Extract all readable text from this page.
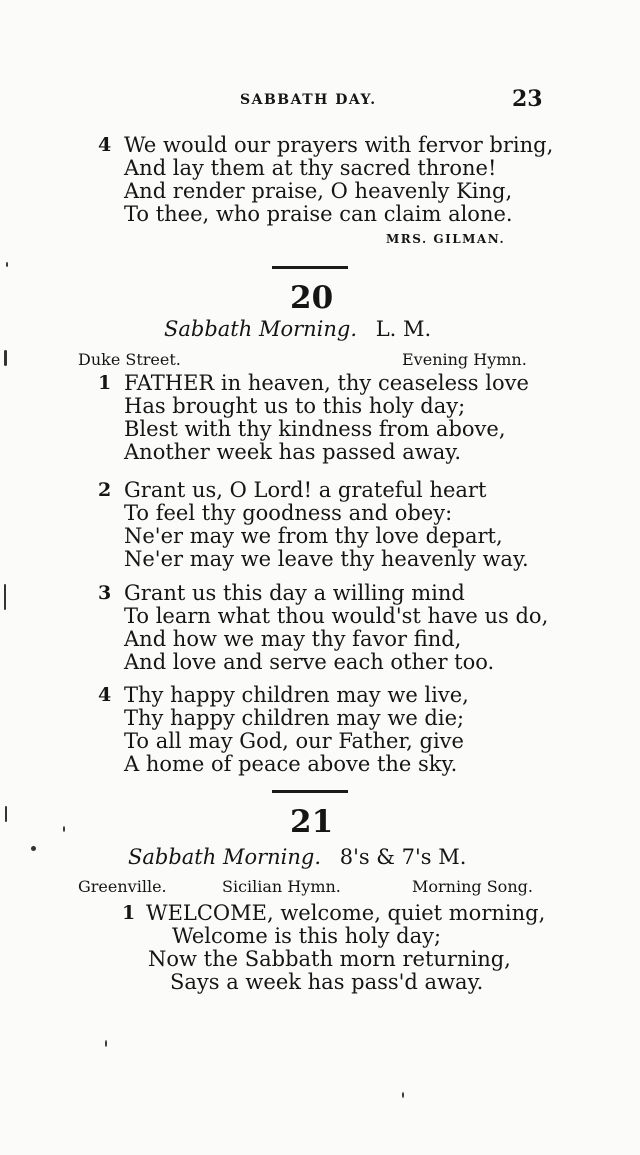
SABBATH DAY.	23
4 We would our prayers with fervor bring,
And lay them at thy sacred throne!
And render praise, O heavenly King,
To thee, who praise can claim alone.
MRS. GILMAN.
20
Sabbath Morning. L. M.
Duke Street.	Evening Hymn.
1 FATHER in heaven, thy ceaseless love
Has brought us to this holy day;
Blest with thy kindness from above,
Another week has passed away.
2 Grant us, O Lord! a grateful heart
To feel thy goodness and obey:
Ne'er may we from thy love depart,
Ne'er may we leave thy heavenly way.
3 Grant us this day a willing mind
To learn what thou would'st have us do,
And how we may thy favor find,
And love and serve each other too.
4 Thy happy children may we live,
Thy happy children may we die;
To all may God, our Father, give
A home of peace above the sky.
21
Sabbath Morning. 8's & 7's M.
Greenville.	Sicilian Hymn.	Morning Song.
1 WELCOME, welcome, quiet morning,
Welcome is this holy day;
Now the Sabbath morn returning,
Says a week has pass'd away.
